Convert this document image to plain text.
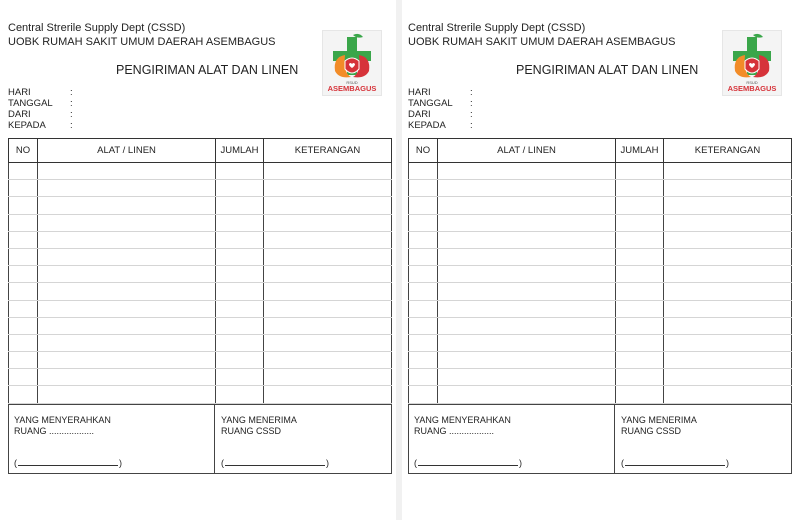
Central Strerile Supply Dept (CSSD)
UOBK RUMAH SAKIT UMUM DAERAH ASEMBAGUS
PENGIRIMAN ALAT DAN LINEN
RSUD
ASEMBAGUS
HARI	:
TANGGAL :
DARI	:
KEPADA	:
NO	ALAT / LINEN	JUMLAH	KETERANGAN

YANG MENYERAHKAN
RUANG ..................
(	)
YANG MENERIMA
RUANG CSSD
(	)
Central Strerile Supply Dept (CSSD)
UOBK RUMAH SAKIT UMUM DAERAH ASEMBAGUS
PENGIRIMAN ALAT DAN LINEN
RSUD
ASEMBAGUS
HARI	:
TANGGAL :
DARI	:
KEPADA	:
NO	ALAT / LINEN	JUMLAH	KETERANGAN

YANG MENYERAHKAN
RUANG ..................
(	)
YANG MENERIMA
RUANG CSSD
(	)
